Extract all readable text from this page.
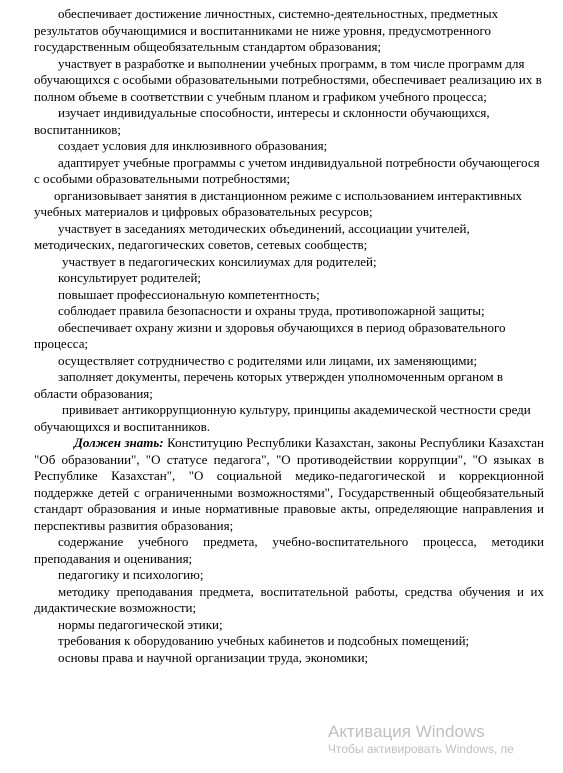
обеспечивает достижение личностных, системно-деятельностных, предметных результатов обучающимися и воспитанниками не ниже уровня, предусмотренного государственным общеобязательным стандартом образования;

участвует в разработке и выполнении учебных программ, в том числе программ для обучающихся с особыми образовательными потребностями, обеспечивает реализацию их в полном объеме в соответствии с учебным планом и графиком учебного процесса;

изучает индивидуальные способности, интересы и склонности обучающихся, воспитанников;

создает условия для инклюзивного образования;

адаптирует учебные программы с учетом индивидуальной потребности обучающегося с особыми образовательными потребностями;

организовывает занятия в дистанционном режиме с использованием интерактивных учебных материалов и цифровых образовательных ресурсов;

участвует в заседаниях методических объединений, ассоциации учителей, методических, педагогических советов, сетевых сообществ;

участвует в педагогических консилиумах для родителей;

консультирует родителей;

повышает профессиональную компетентность;

соблюдает правила безопасности и охраны труда, противопожарной защиты;

обеспечивает охрану жизни и здоровья обучающихся в период образовательного процесса;

осуществляет сотрудничество с родителями или лицами, их заменяющими;

заполняет документы, перечень которых утвержден уполномоченным органом в области образования;

прививает антикоррупционную культуру, принципы академической честности среди обучающихся и воспитанников.

Должен знать: Конституцию Республики Казахстан, законы Республики Казахстан "Об образовании", "О статусе педагога", "О противодействии коррупции", "О языках в Республике Казахстан", "О социальной медико-педагогической и коррекционной поддержке детей с ограниченными возможностями", Государственный общеобязательный стандарт образования и иные нормативные правовые акты, определяющие направления и перспективы развития образования;

содержание учебного предмета, учебно-воспитательного процесса, методики преподавания и оценивания;

педагогику и психологию;

методику преподавания предмета, воспитательной работы, средства обучения и их дидактические возможности;

нормы педагогической этики;

требования к оборудованию учебных кабинетов и подсобных помещений;

основы права и научной организации труда, экономики;

Активация Windows
Чтобы активировать Windows, пе
